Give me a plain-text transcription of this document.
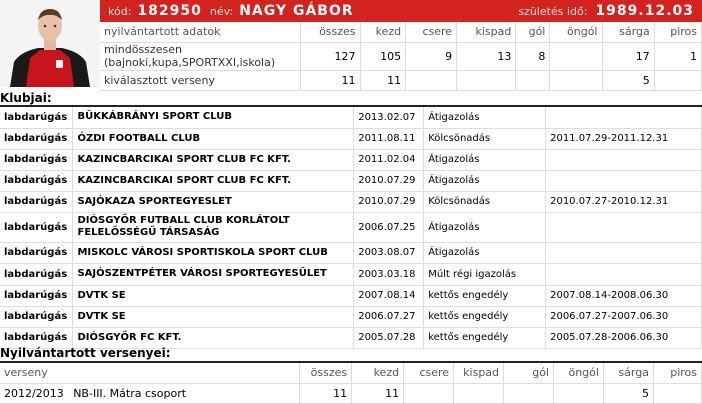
kód: 182950 név: NAGY GÁBOR	születés idő: 1989.12.03
nyilvántartott adatok	összes	kezd	csere	kispad	gól	öngól	sárga	piros
mindösszesen (bajnoki,kupa,SPORTXXI,iskola)	127	105	9	13	8		17	1
kiválasztott verseny	11	11					5	
Klubjai:
labdarúgás	BÜKKÁBRÁNYI SPORT CLUB	2013.02.07	Átigazolás	
labdarúgás	ÓZDI FOOTBALL CLUB	2011.08.11	Kölcsönadás	2011.07.29-2011.12.31
labdarúgás	KAZINCBARCIKAI SPORT CLUB FC KFT.	2011.02.04	Átigazolás	
labdarúgás	KAZINCBARCIKAI SPORT CLUB FC KFT.	2010.07.29	Átigazolás	
labdarúgás	SAJÓKAZA SPORTEGYESLET	2010.07.29	Kölcsönadás	2010.07.27-2010.12.31
labdarúgás	DIÓSGYŐR FUTBALL CLUB KORLÁTOLT FELELŐSSÉGŰ TÁRSASÁG	2006.07.25	Átigazolás	
labdarúgás	MISKOLC VÁROSI SPORTISKOLA SPORT CLUB	2003.08.07	Átigazolás	
labdarúgás	SAJÓSZENTPÉTER VÁROSI SPORTEGYESÜLET	2003.03.18	Múlt régi igazolás	
labdarúgás	DVTK SE	2007.08.14	kettős engedély	2007.08.14-2008.06.30
labdarúgás	DVTK SE	2006.07.27	kettős engedély	2006.07.27-2007.06.30
labdarúgás	DIÓSGYŐR FC KFT.	2005.07.28	kettős engedély	2005.07.28-2006.06.30
Nyilvántartott versenyei:
verseny	összes	kezd	csere	kispad	gól	öngól	sárga	piros
2012/2013 NB-III. Mátra csoport	11	11					5	
